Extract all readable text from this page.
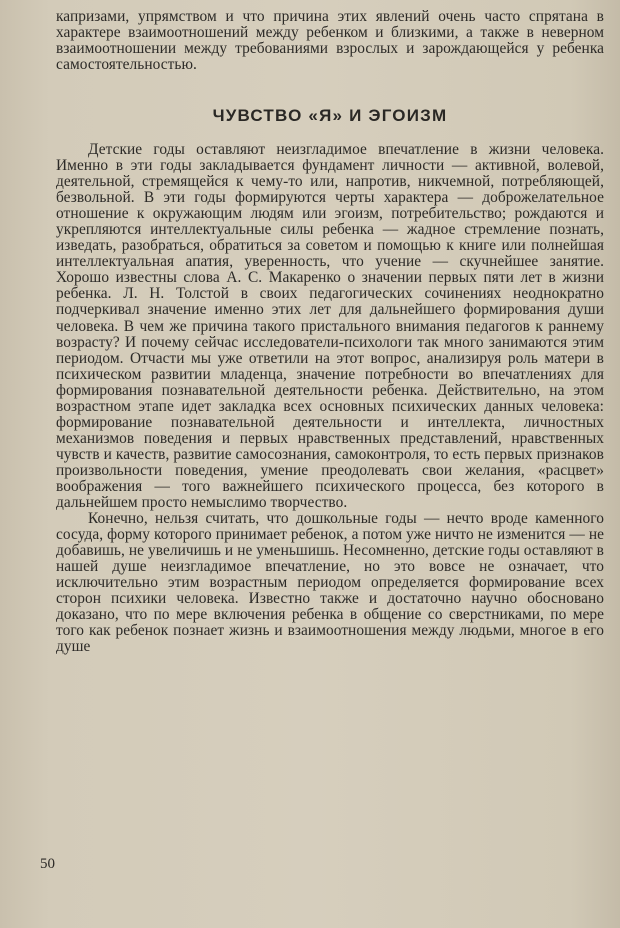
капризами, упрямством и что причина этих явлений очень часто спрятана в характере взаимоотношений между ребенком и близкими, а также в неверном взаимоотношении между требованиями взрослых и зарождающейся у ребенка самостоятельностью.

ЧУВСТВО «Я» И ЭГОИЗМ

Детские годы оставляют неизгладимое впечатление в жизни человека. Именно в эти годы закладывается фундамент личности — активной, волевой, деятельной, стремящейся к чему-то или, напротив, никчемной, потребляющей, безвольной. В эти годы формируются черты характера — доброжелательное отношение к окружающим людям или эгоизм, потребительство; рождаются и укрепляются интеллектуальные силы ребенка — жадное стремление познать, изведать, разобраться, обратиться за советом и помощью к книге или полнейшая интеллектуальная апатия, уверенность, что учение — скучнейшее занятие. Хорошо известны слова А. С. Макаренко о значении первых пяти лет в жизни ребенка. Л. Н. Толстой в своих педагогических сочинениях неоднократно подчеркивал значение именно этих лет для дальнейшего формирования души человека. В чем же причина такого пристального внимания педагогов к раннему возрасту? И почему сейчас исследователи-психологи так много занимаются этим периодом. Отчасти мы уже ответили на этот вопрос, анализируя роль матери в психическом развитии младенца, значение потребности во впечатлениях для формирования познавательной деятельности ребенка. Действительно, на этом возрастном этапе идет закладка всех основных психических данных человека: формирование познавательной деятельности и интеллекта, личностных механизмов поведения и первых нравственных представлений, нравственных чувств и качеств, развитие самосознания, самоконтроля, то есть первых признаков произвольности поведения, умение преодолевать свои желания, «расцвет» воображения — того важнейшего психического процесса, без которого в дальнейшем просто немыслимо творчество.

Конечно, нельзя считать, что дошкольные годы — нечто вроде каменного сосуда, форму которого принимает ребенок, а потом уже ничто не изменится — не добавишь, не увеличишь и не уменьшишь. Несомненно, детские годы оставляют в нашей душе неизгладимое впечатление, но это вовсе не означает, что исключительно этим возрастным периодом определяется формирование всех сторон психики человека. Известно также и достаточно научно обосновано доказано, что по мере включения ребенка в общение со сверстниками, по мере того как ребенок познает жизнь и взаимоотношения между людьми, многое в его душе

50
